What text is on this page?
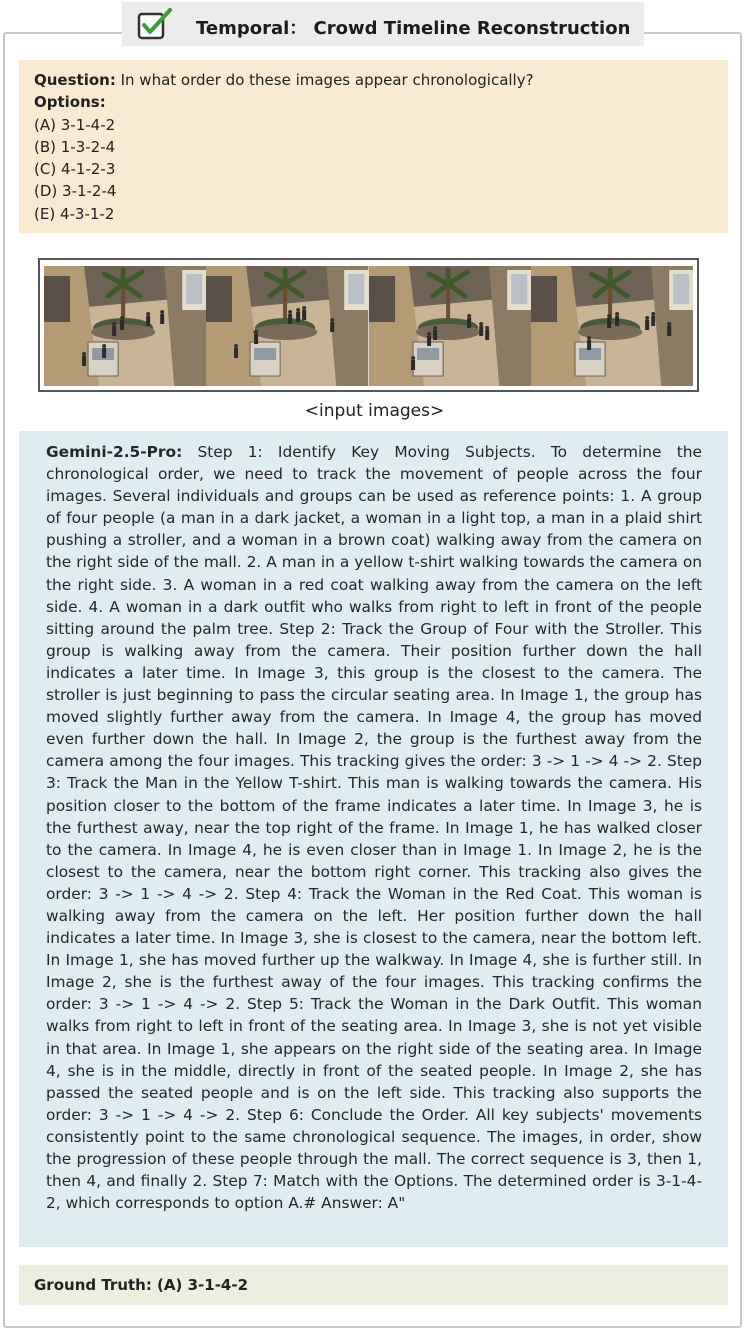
Temporal： Crowd Timeline Reconstruction
Question: In what order do these images appear chronologically?
Options:
(A) 3-1-4-2
(B) 1-3-2-4
(C) 4-1-2-3
(D) 3-1-2-4
(E) 4-3-1-2
<input images>
Gemini-2.5-Pro: Step 1: Identify Key Moving Subjects. To determine the chronological order, we need to track the movement of people across the four images. Several individuals and groups can be used as reference points: 1. A group of four people (a man in a dark jacket, a woman in a light top, a man in a plaid shirt pushing a stroller, and a woman in a brown coat) walking away from the camera on the right side of the mall. 2. A man in a yellow t-shirt walking towards the camera on the right side. 3. A woman in a red coat walking away from the camera on the left side. 4. A woman in a dark outfit who walks from right to left in front of the people sitting around the palm tree. Step 2: Track the Group of Four with the Stroller. This group is walking away from the camera. Their position further down the hall indicates a later time. In Image 3, this group is the closest to the camera. The stroller is just beginning to pass the circular seating area. In Image 1, the group has moved slightly further away from the camera. In Image 4, the group has moved even further down the hall. In Image 2, the group is the furthest away from the camera among the four images. This tracking gives the order: 3 -> 1 -> 4 -> 2. Step 3: Track the Man in the Yellow T-shirt. This man is walking towards the camera. His position closer to the bottom of the frame indicates a later time. In Image 3, he is the furthest away, near the top right of the frame. In Image 1, he has walked closer to the camera. In Image 4, he is even closer than in Image 1. In Image 2, he is the closest to the camera, near the bottom right corner. This tracking also gives the order: 3 -> 1 -> 4 -> 2. Step 4: Track the Woman in the Red Coat. This woman is walking away from the camera on the left. Her position further down the hall indicates a later time. In Image 3, she is closest to the camera, near the bottom left. In Image 1, she has moved further up the walkway. In Image 4, she is further still. In Image 2, she is the furthest away of the four images. This tracking confirms the order: 3 -> 1 -> 4 -> 2. Step 5: Track the Woman in the Dark Outfit. This woman walks from right to left in front of the seating area. In Image 3, she is not yet visible in that area. In Image 1, she appears on the right side of the seating area. In Image 4, she is in the middle, directly in front of the seated people. In Image 2, she has passed the seated people and is on the left side. This tracking also supports the order: 3 -> 1 -> 4 -> 2. Step 6: Conclude the Order. All key subjects' movements consistently point to the same chronological sequence. The images, in order, show the progression of these people through the mall. The correct sequence is 3, then 1, then 4, and finally 2. Step 7: Match with the Options. The determined order is 3-1-4-2, which corresponds to option A.# Answer: A"
Ground Truth: (A) 3-1-4-2
